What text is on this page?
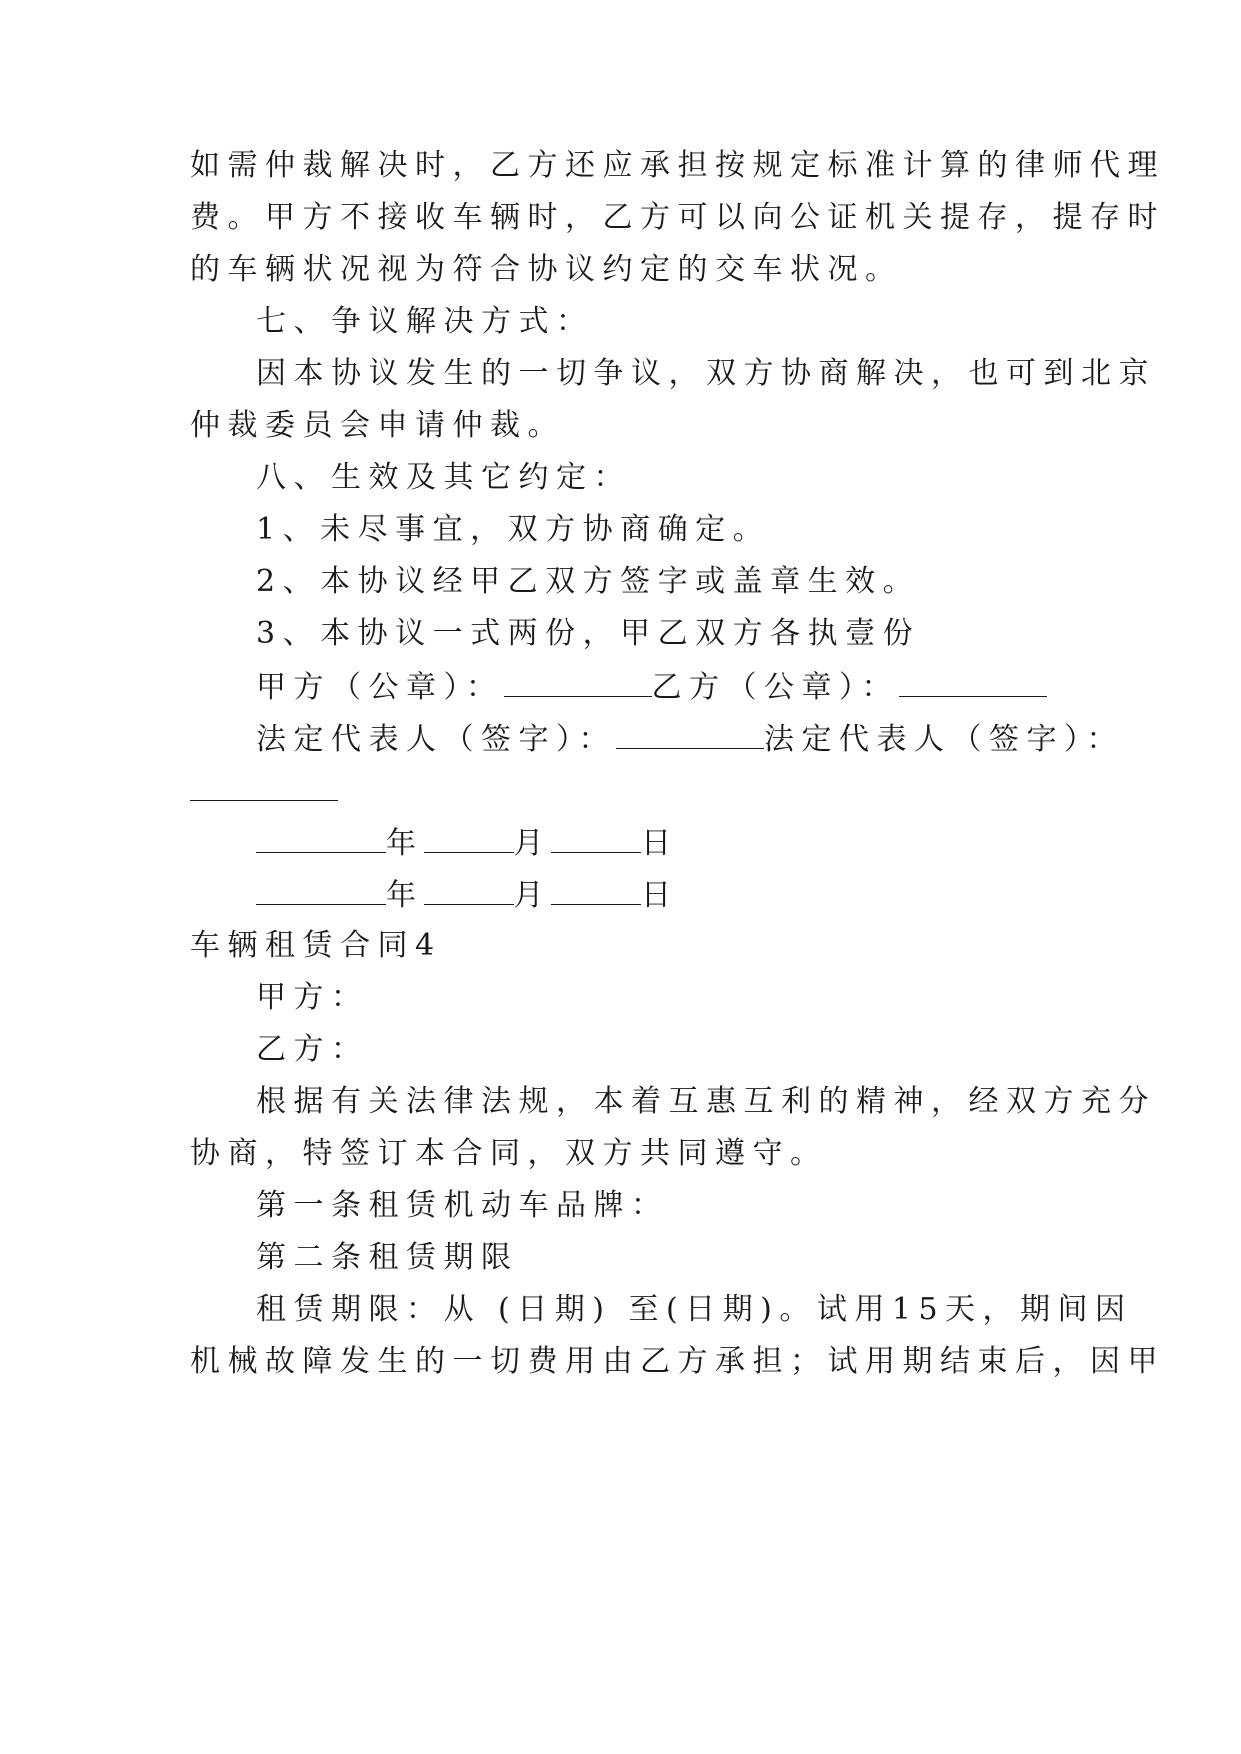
如需仲裁解决时，乙方还应承担按规定标准计算的律师代理
费。甲方不接收车辆时，乙方可以向公证机关提存，提存时
的车辆状况视为符合协议约定的交车状况。
七、争议解决方式：
因本协议发生的一切争议，双方协商解决，也可到北京
仲裁委员会申请仲裁。
八、生效及其它约定：
1、未尽事宜，双方协商确定。
2、本协议经甲乙双方签字或盖章生效。
3、本协议一式两份，甲乙双方各执壹份
甲方（公章）：	乙方（公章）：
法定代表人（签字）：	法定代表人（签字）：
年	月	日
年	月	日
车辆租赁合同4
甲方：
乙方：
根据有关法律法规，本着互惠互利的精神，经双方充分
协商，特签订本合同，双方共同遵守。
第一条租赁机动车品牌：
第二条租赁期限
租赁期限：从 (日期) 至(日期)。试用15天，期间因
机械故障发生的一切费用由乙方承担；试用期结束后，因甲
